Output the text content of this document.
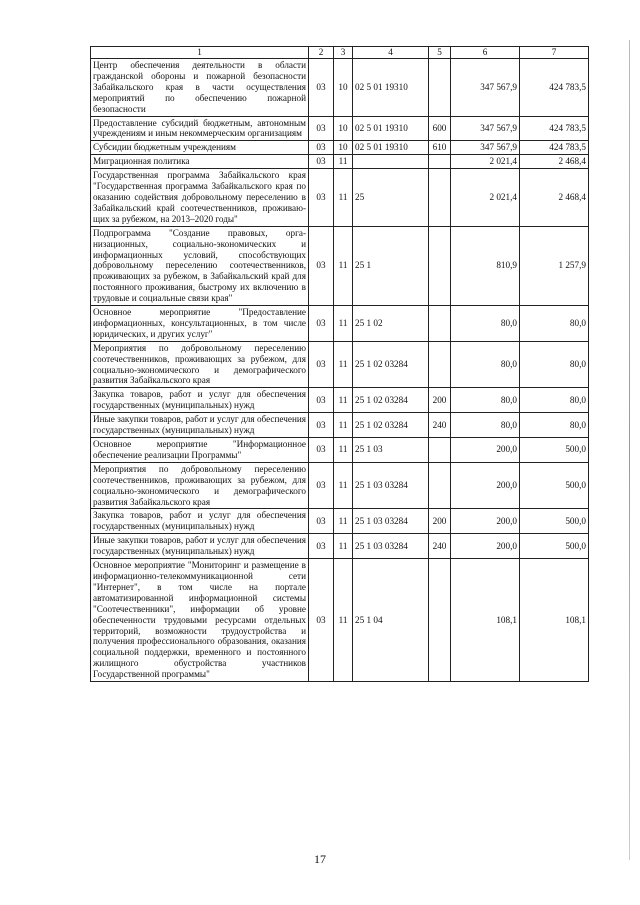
1	2	3	4	5	6	7
Центр обеспечения деятельности в области гражданской обороны и пожарной безопасности Забайкальского края в части осуществления мероприятий по обеспечению пожарной безопасности	03	10	02 5 01 19310		347 567,9	424 783,5
Предоставление субсидий бюджетным, автономным учреждениям и иным некоммерческим организациям	03	10	02 5 01 19310	600	347 567,9	424 783,5
Субсидии бюджетным учреждениям	03	10	02 5 01 19310	610	347 567,9	424 783,5
Миграционная политика	03	11			2 021,4	2 468,4
Государственная программа Забайкальского края "Государственная программа Забайкальского края по оказанию содействия добровольному переселению в Забайкальский край соотечественников, проживающих за рубежом, на 2013–2020 годы"	03	11	25		2 021,4	2 468,4
Подпрограмма "Создание правовых, организационных, социально-экономических и информационных условий, способствующих добровольному переселению соотечественников, проживающих за рубежом, в Забайкальский край для постоянного проживания, быстрому их включению в трудовые и социальные связи края"	03	11	25 1		810,9	1 257,9
Основное мероприятие "Предоставление информационных, консультационных, в том числе юридических, и других услуг"	03	11	25 1 02		80,0	80,0
Мероприятия по добровольному переселению соотечественников, проживающих за рубежом, для социально-экономического и демографического развития Забайкальского края	03	11	25 1 02 03284		80,0	80,0
Закупка товаров, работ и услуг для обеспечения государственных (муниципальных) нужд	03	11	25 1 02 03284	200	80,0	80,0
Иные закупки товаров, работ и услуг для обеспечения государственных (муниципальных) нужд	03	11	25 1 02 03284	240	80,0	80,0
Основное мероприятие "Информационное обеспечение реализации Программы"	03	11	25 1 03		200,0	500,0
Мероприятия по добровольному переселению соотечественников, проживающих за рубежом, для социально-экономического и демографического развития Забайкальского края	03	11	25 1 03 03284		200,0	500,0
Закупка товаров, работ и услуг для обеспечения государственных (муниципальных) нужд	03	11	25 1 03 03284	200	200,0	500,0
Иные закупки товаров, работ и услуг для обеспечения государственных (муниципальных) нужд	03	11	25 1 03 03284	240	200,0	500,0
Основное мероприятие "Мониторинг и размещение в информационно-телекоммуникационной сети "Интернет", в том числе на портале автоматизированной информационной системы "Соотечественники", информации об уровне обеспеченности трудовыми ресурсами отдельных территорий, возможности трудоустройства и получения профессионального образования, оказания социальной поддержки, временного и постоянного жилищного обустройства участников Государственной программы"	03	11	25 1 04		108,1	108,1
17
